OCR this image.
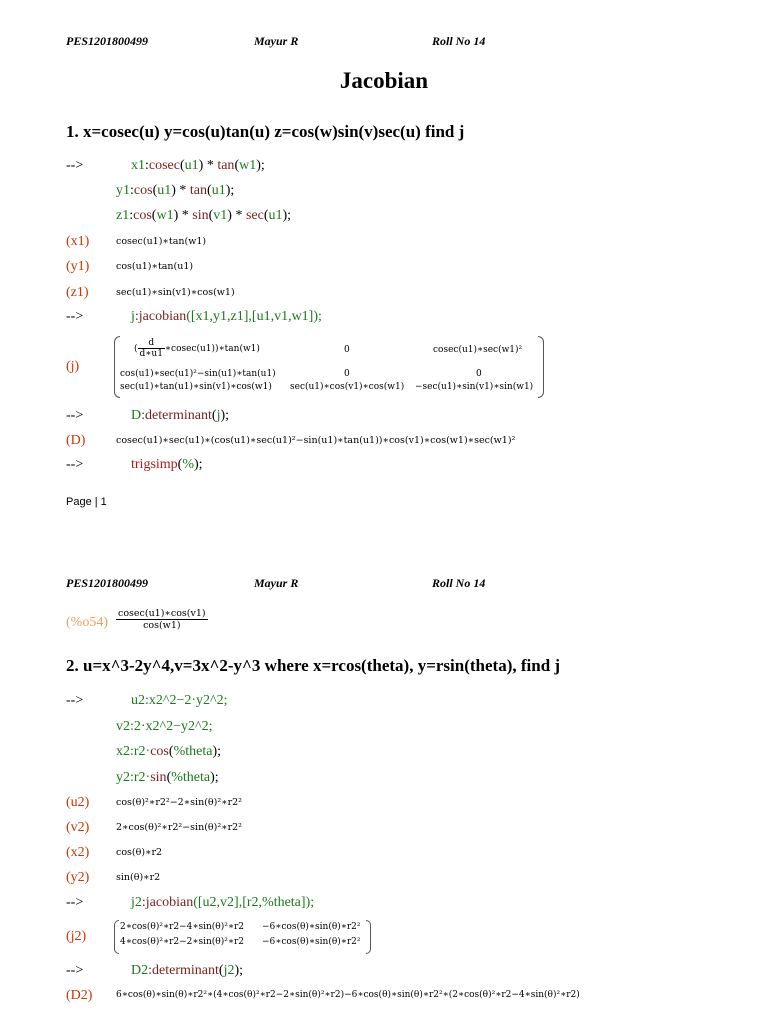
PES1201800499	Mayur R	Roll No 14
Jacobian
1. x=cosec(u) y=cos(u)tan(u) z=cos(w)sin(v)sec(u) find j
-->	x1:cosec(u1) * tan(w1);
y1:cos(u1) * tan(u1);
z1:cos(w1) * sin(v1) * sec(u1);
(x1)	cosec(u1)∗tan(w1)
(y1)	cos(u1)∗tan(u1)
(z1)	sec(u1)∗sin(v1)∗cos(w1)
-->	j:jacobian([x1,y1,z1],[u1,v1,w1]);
(j)
( $\frac{d}{d∗u1}$ ∗cosec(u1))∗tan(w1)	0	cosec(u1)∗sec(w1)²
cos(u1)∗sec(u1)²−sin(u1)∗tan(u1)	0	0
sec(u1)∗tan(u1)∗sin(v1)∗cos(w1) sec(u1)∗cos(v1)∗cos(w1) −sec(u1)∗sin(v1)∗sin(w1)
-->	D:determinant(j);
(D)	cosec(u1)∗sec(u1)∗(cos(u1)∗sec(u1)²−sin(u1)∗tan(u1))∗cos(v1)∗cos(w1)∗sec(w1)²
-->	trigsimp(%);
Page | 1
PES1201800499	Mayur R	Roll No 14
$(\%o54) \frac{cosec(u1)∗\cos(v1)}{\cos(w1)}$
2. u=x^3-2y^4,v=3x^2-y^3 where x=rcos(theta), y=rsin(theta), find j
-->	u2:x2^2−2·y2^2;
v2:2·x2^2−y2^2;
x2:r2·cos(%theta);
y2:r2·sin(%theta);
(u2)	cos(θ)²∗r2²−2∗sin(θ)²∗r2²
(v2)	2∗cos(θ)²∗r2²−sin(θ)²∗r2²
(x2)	cos(θ)∗r2
(y2)	sin(θ)∗r2
-->	j2:jacobian([u2,v2],[r2,%theta]);
(j2)
2∗cos(θ)²∗r2−4∗sin(θ)²∗r2 −6∗cos(θ)∗sin(θ)∗r2²
4∗cos(θ)²∗r2−2∗sin(θ)²∗r2 −6∗cos(θ)∗sin(θ)∗r2²
-->	D2:determinant(j2);
(D2)	6∗cos(θ)∗sin(θ)∗r2²∗(4∗cos(θ)²∗r2−2∗sin(θ)²∗r2)−6∗cos(θ)∗sin(θ)∗r2²∗(2∗cos(θ)²∗r2−4∗sin(θ)²∗r2)
